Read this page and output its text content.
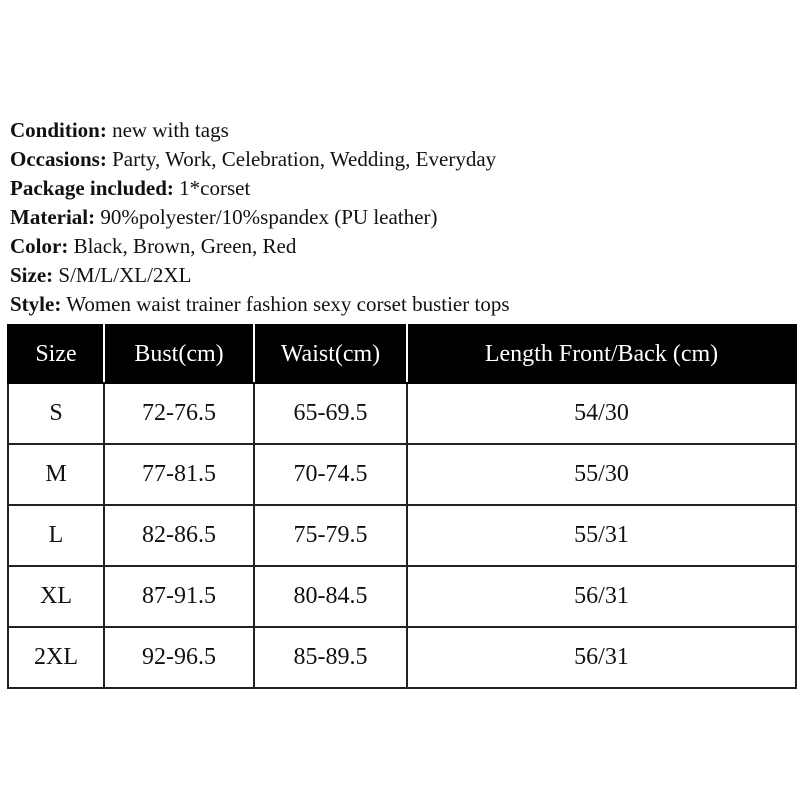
Condition: new with tags
Occasions: Party, Work, Celebration, Wedding, Everyday
Package included: 1*corset
Material: 90%polyester/10%spandex (PU leather)
Color: Black, Brown, Green, Red
Size: S/M/L/XL/2XL
Style: Women waist trainer fashion sexy corset bustier tops
Size	Bust(cm)	Waist(cm)	Length Front/Back (cm)
S	72-76.5	65-69.5	54/30
M	77-81.5	70-74.5	55/30
L	82-86.5	75-79.5	55/31
XL	87-91.5	80-84.5	56/31
2XL	92-96.5	85-89.5	56/31
